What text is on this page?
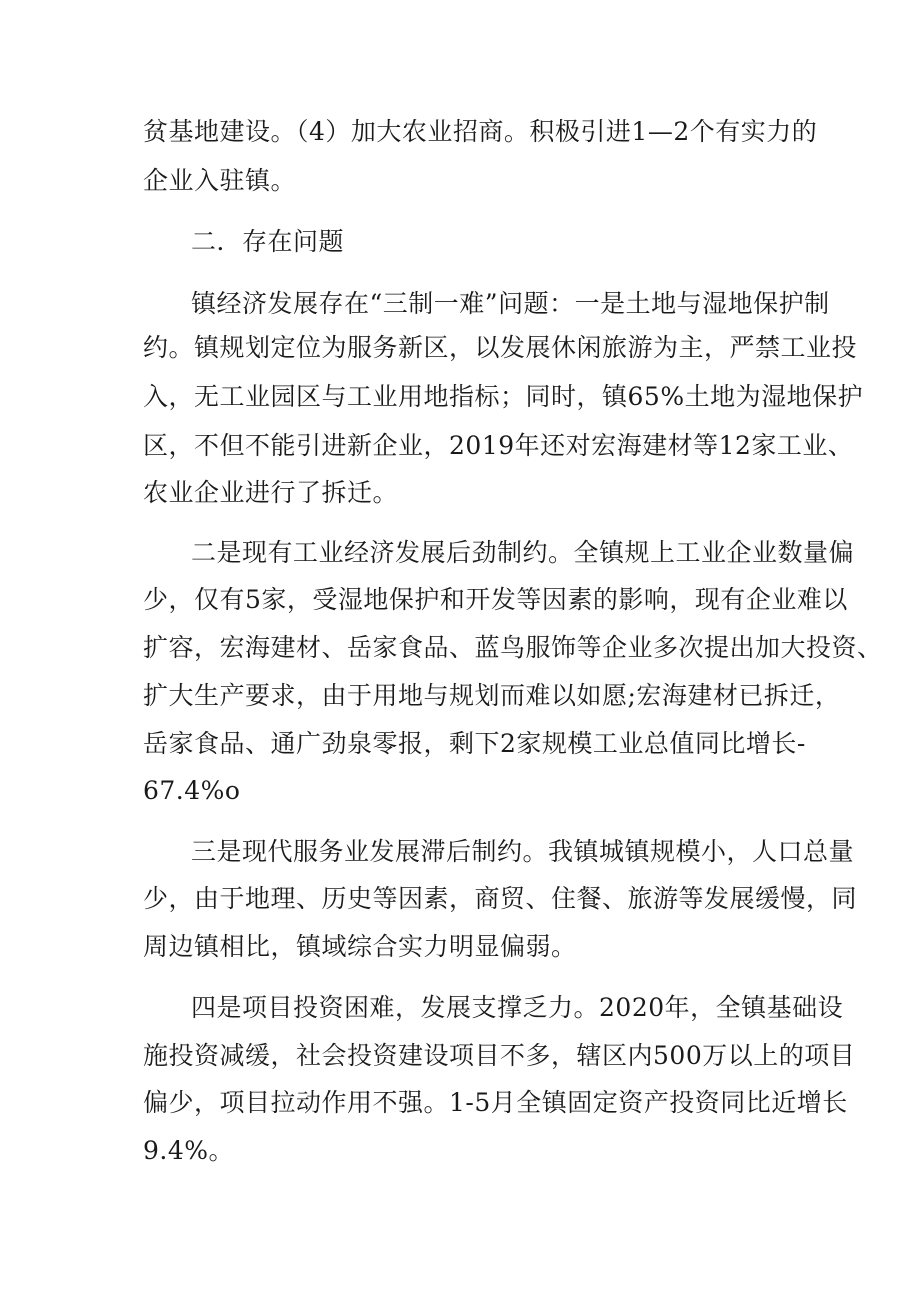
贫基地建设。（4）加大农业招商。积极引进1—2个有实力的
企业入驻镇。
二．存在问题
镇经济发展存在“三制一难”问题：一是土地与湿地保护制
约。镇规划定位为服务新区，以发展休闲旅游为主，严禁工业投
入，无工业园区与工业用地指标；同时，镇65%土地为湿地保护
区，不但不能引进新企业，2019年还对宏海建材等12家工业、
农业企业进行了拆迁。
二是现有工业经济发展后劲制约。全镇规上工业企业数量偏
少，仅有5家，受湿地保护和开发等因素的影响，现有企业难以
扩容，宏海建材、岳家食品、蓝鸟服饰等企业多次提出加大投资、
扩大生产要求，由于用地与规划而难以如愿;宏海建材已拆迁，
岳家食品、通广劲泉零报，剩下2家规模工业总值同比增长-
67.4%o
三是现代服务业发展滞后制约。我镇城镇规模小，人口总量
少，由于地理、历史等因素，商贸、住餐、旅游等发展缓慢，同
周边镇相比，镇域综合实力明显偏弱。
四是项目投资困难，发展支撑乏力。2020年，全镇基础设
施投资减缓，社会投资建设项目不多，辖区内500万以上的项目
偏少，项目拉动作用不强。1-5月全镇固定资产投资同比近增长
9.4%。
